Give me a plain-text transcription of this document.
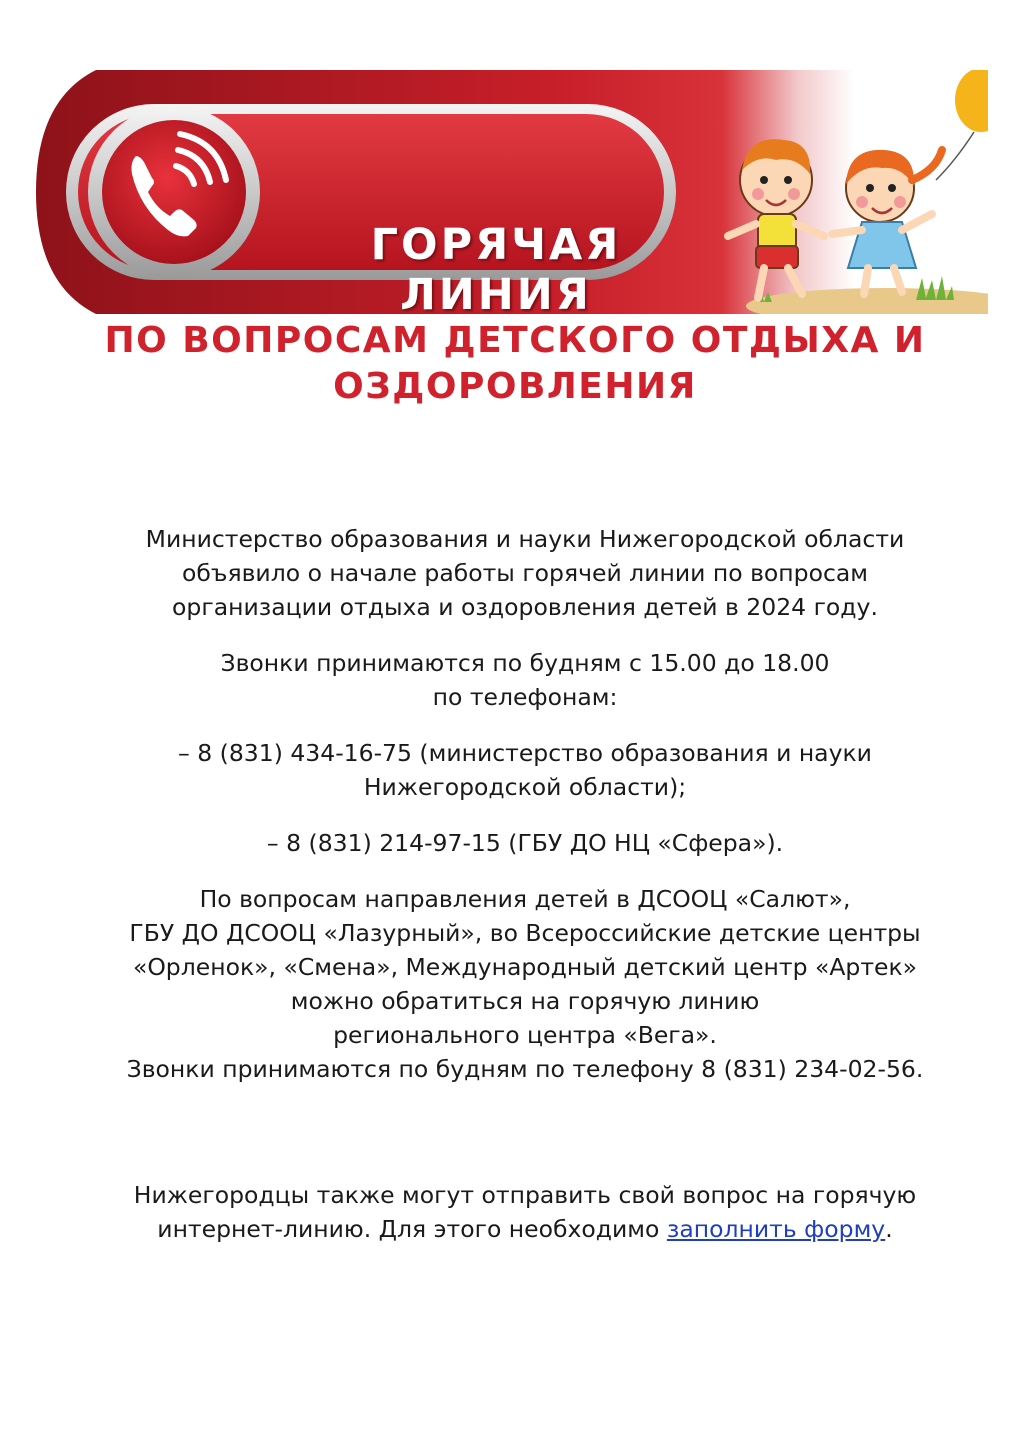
ГОРЯЧАЯ
ЛИНИЯ
ПО ВОПРОСАМ ДЕТСКОГО ОТДЫХА И
ОЗДОРОВЛЕНИЯ

Министерство образования и науки Нижегородской области
объявило о начале работы горячей линии по вопросам
организации отдыха и оздоровления детей в 2024 году.

Звонки принимаются по будням с 15.00 до 18.00
по телефонам:

– 8 (831) 434-16-75 (министерство образования и науки
Нижегородской области);

– 8 (831) 214-97-15 (ГБУ ДО НЦ «Сфера»).

По вопросам направления детей в ДСООЦ «Салют»,
ГБУ ДО ДСООЦ «Лазурный», во Всероссийские детские центры
«Орленок», «Смена», Международный детский центр «Артек»
можно обратиться на горячую линию
регионального центра «Вега».
Звонки принимаются по будням по телефону 8 (831) 234-02-56.

Нижегородцы также могут отправить свой вопрос на горячую
интернет-линию. Для этого необходимо заполнить форму.
